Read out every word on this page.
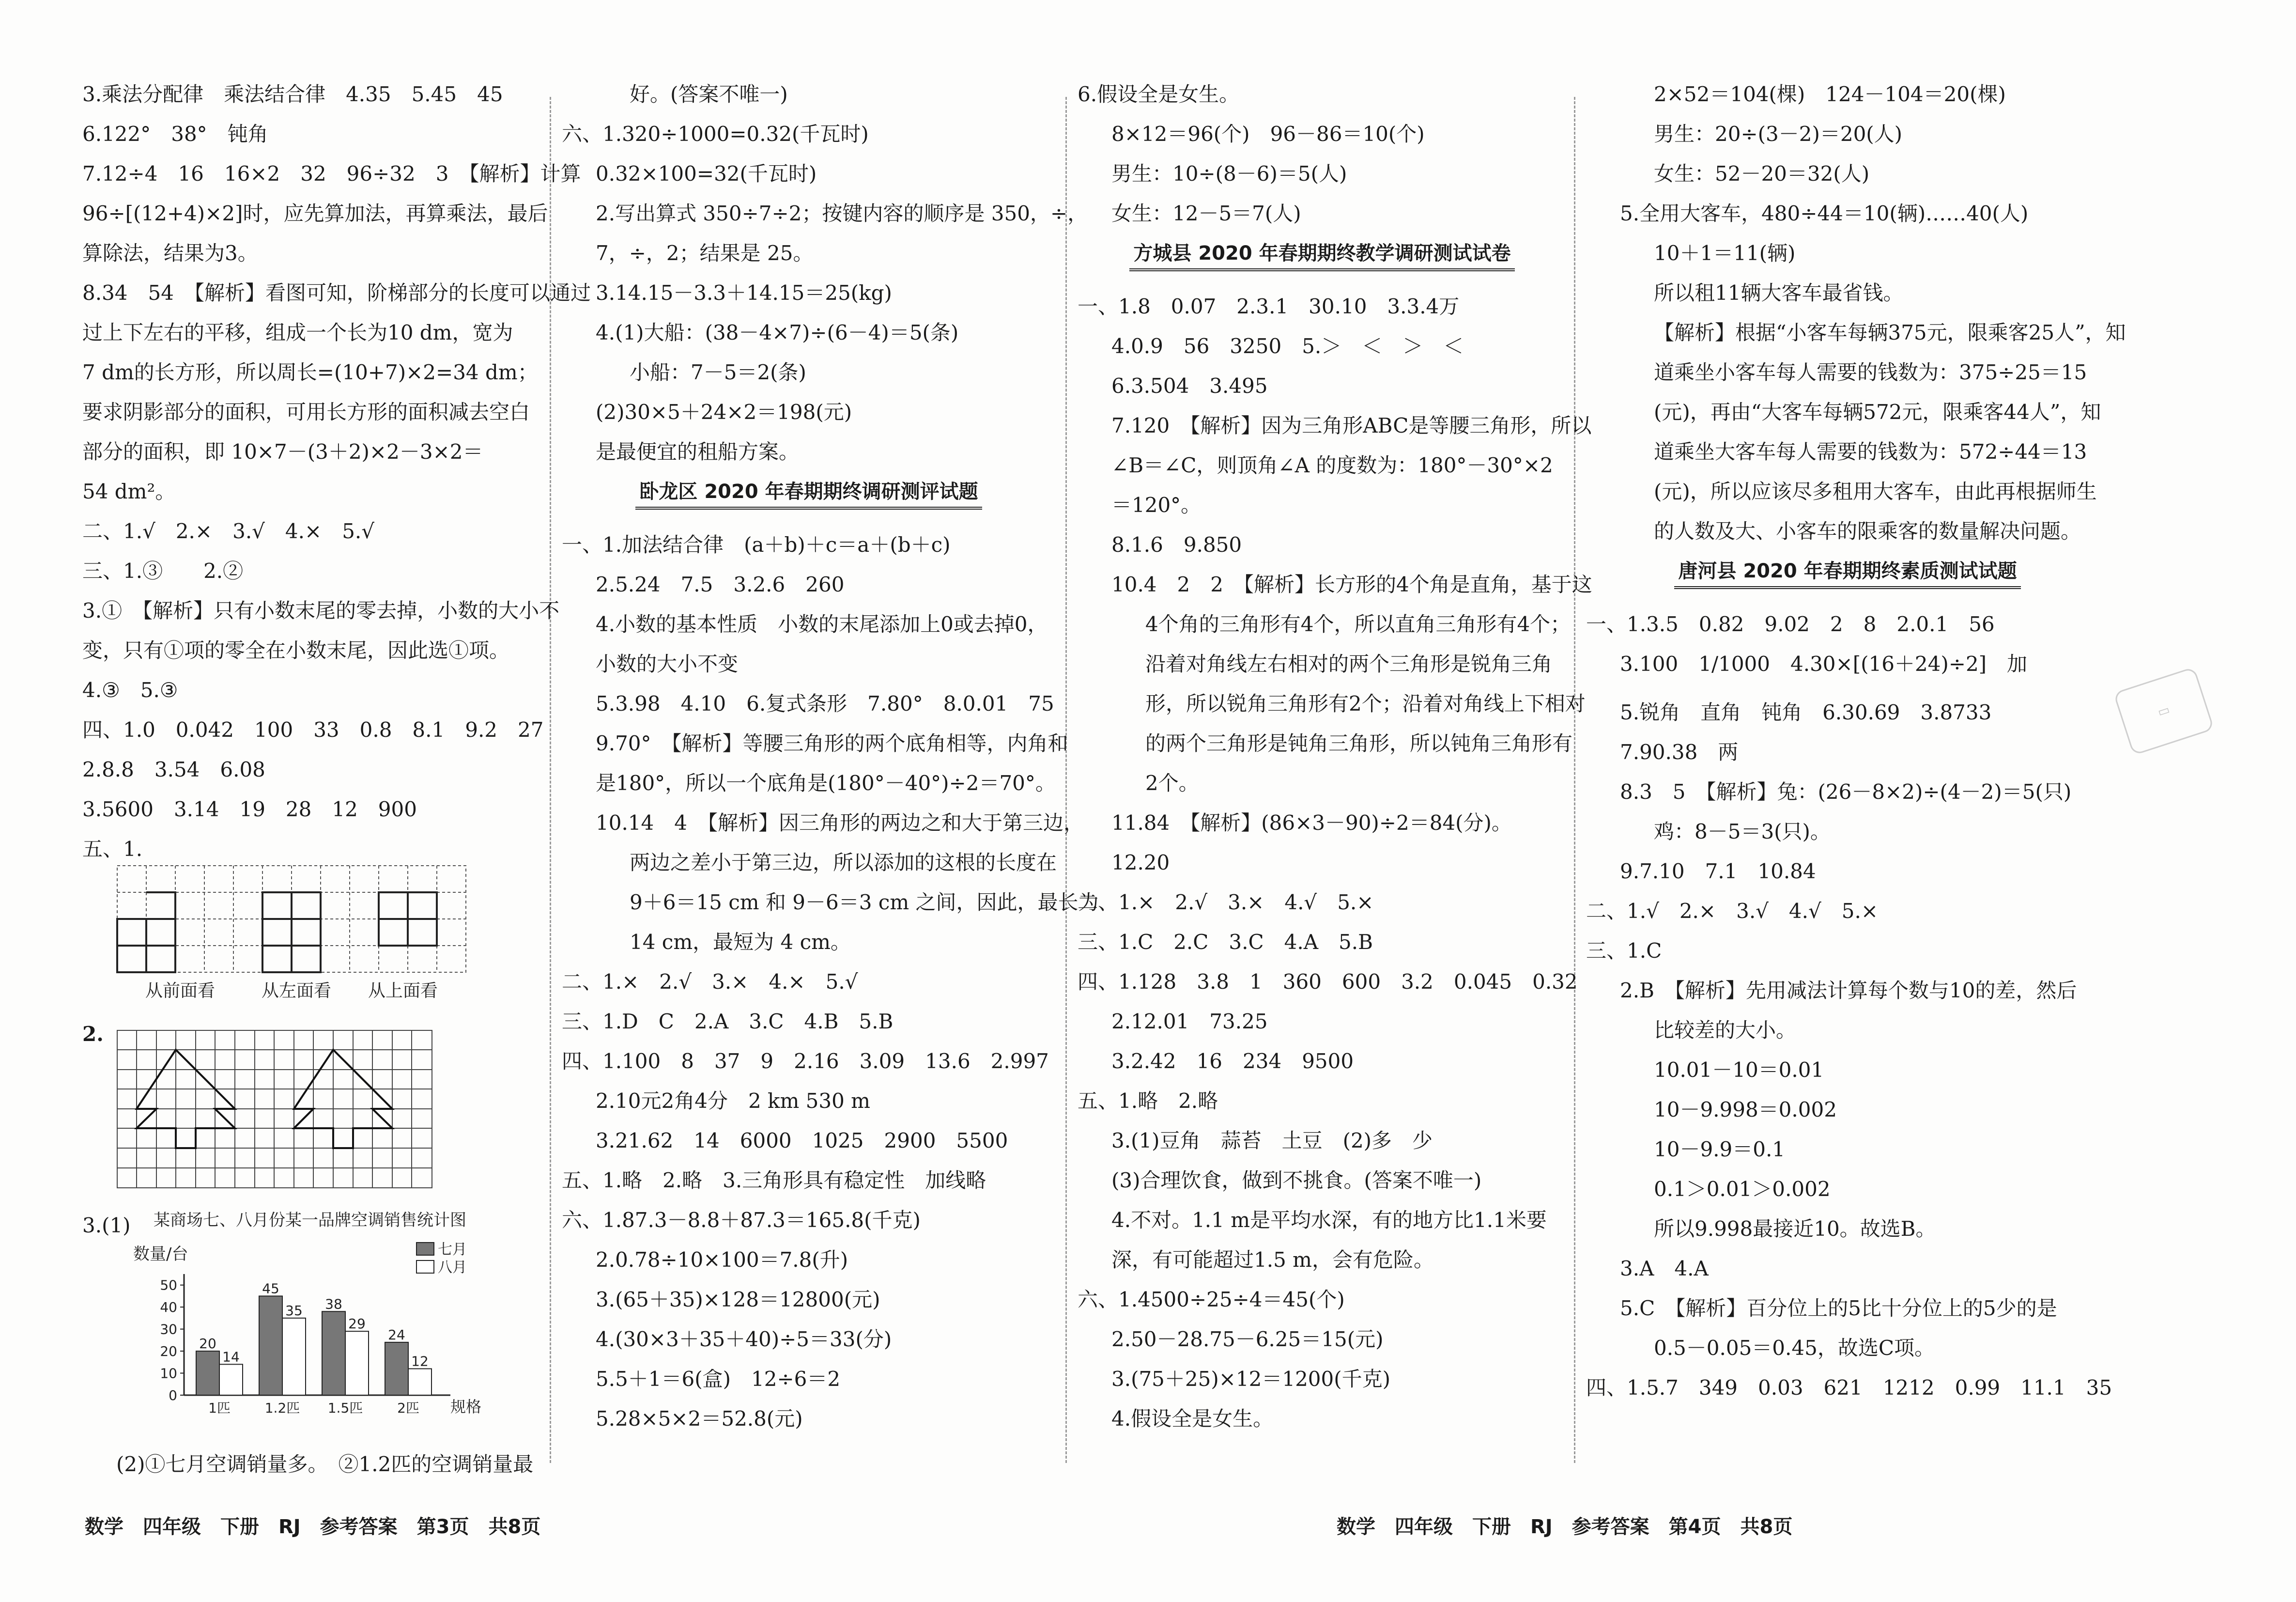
3.乘法分配律　乘法结合律　4.35　5.45　45
6.122°　38°　钝角
7.12÷4　16　16×2　32　96÷32　3　【解析】计算
96÷[(12+4)×2]时，应先算加法，再算乘法，最后
算除法，结果为3。
8.34　54　【解析】看图可知，阶梯部分的长度可以通过
过上下左右的平移，组成一个长为10 dm，宽为
7 dm的长方形，所以周长=(10+7)×2=34 dm；
要求阴影部分的面积，可用长方形的面积减去空白
部分的面积，即 10×7－(3＋2)×2－3×2＝
54 dm²。
二、1.√　2.×　3.√　4.×　5.√
三、1.③　　2.②
3.①　【解析】只有小数末尾的零去掉，小数的大小不
变，只有①项的零全在小数末尾，因此选①项。
4.③　5.③
四、1.0　0.042　100　33　0.8　8.1　9.2　27
2.8.8　3.54　6.08
3.5600　3.14　19　28　12　900
五、1.
从前面看	从左面看 从上面看
2.
3.(1) 某商场七、八月份某一品牌空调销售统计图
数量/台
规格
七月
八月
0
10
20
30
40
50
20
14
1匹
45
35
1.2匹
38
29
1.5匹
24
12
2匹
(2)①七月空调销量多。　②1.2匹的空调销量最
好。(答案不唯一)
六、1.320÷1000=0.32(千瓦时)
0.32×100=32(千瓦时)
2.写出算式 350÷7÷2；按键内容的顺序是 350，÷，
7，÷，2；结果是 25。
3.14.15－3.3＋14.15＝25(kg)
4.(1)大船：(38－4×7)÷(6－4)＝5(条)
小船：7－5＝2(条)
(2)30×5＋24×2＝198(元)
是最便宜的租船方案。
卧龙区 2020 年春期期终调研测评试题
一、1.加法结合律　(a＋b)＋c＝a＋(b＋c)
2.5.24　7.5　3.2.6　260
4.小数的基本性质　小数的末尾添加上0或去掉0，
小数的大小不变
5.3.98　4.10　6.复式条形　7.80°　8.0.01　75
9.70°　【解析】等腰三角形的两个底角相等，内角和
是180°，所以一个底角是(180°－40°)÷2＝70°。
10.14　4　【解析】因三角形的两边之和大于第三边，
两边之差小于第三边，所以添加的这根的长度在
9＋6＝15 cm 和 9－6＝3 cm 之间，因此，最长为
14 cm，最短为 4 cm。
二、1.×　2.√　3.×　4.×　5.√
三、1.D　C　2.A　3.C　4.B　5.B
四、1.100　8　37　9　2.16　3.09　13.6　2.997
2.10元2角4分　2 km 530 m
3.21.62　14　6000　1025　2900　5500
五、1.略　2.略　3.三角形具有稳定性　加线略
六、1.87.3－8.8＋87.3＝165.8(千克)
2.0.78÷10×100＝7.8(升)
3.(65＋35)×128＝12800(元)
4.(30×3＋35＋40)÷5＝33(分)
5.5＋1＝6(盒)　12÷6＝2
5.28×5×2＝52.8(元)
6.假设全是女生。
8×12＝96(个)　96－86＝10(个)
男生：10÷(8－6)＝5(人)
女生：12－5＝7(人)
方城县 2020 年春期期终教学调研测试试卷
一、1.8　0.07　2.3.1　30.10　3.3.4万
4.0.9　56　3250　5.＞　＜　＞　＜
6.3.504　3.495
7.120　【解析】因为三角形ABC是等腰三角形，所以
∠B＝∠C，则顶角∠A 的度数为：180°－30°×2
＝120°。
8.1.6　9.850
10.4　2　2　【解析】长方形的4个角是直角，基于这
4个角的三角形有4个，所以直角三角形有4个；
沿着对角线左右相对的两个三角形是锐角三角
形，所以锐角三角形有2个；沿着对角线上下相对
的两个三角形是钝角三角形，所以钝角三角形有
2个。
11.84　【解析】(86×3－90)÷2＝84(分)。
12.20
二、1.×　2.√　3.×　4.√　5.×
三、1.C　2.C　3.C　4.A　5.B
四、1.128　3.8　1　360　600　3.2　0.045　0.32
2.12.01　73.25
3.2.42　16　234　9500
五、1.略　2.略
3.(1)豆角　蒜苔　土豆　(2)多　少
(3)合理饮食，做到不挑食。(答案不唯一)
4.不对。1.1 m是平均水深，有的地方比1.1米要
深，有可能超过1.5 m，会有危险。
六、1.4500÷25÷4＝45(个)
2.50－28.75－6.25＝15(元)
3.(75＋25)×12＝1200(千克)
4.假设全是女生。
2×52＝104(棵)　124－104＝20(棵)
男生：20÷(3－2)＝20(人)
女生：52－20＝32(人)
5.全用大客车，480÷44＝10(辆)……40(人)
10＋1＝11(辆)
所以租11辆大客车最省钱。
【解析】根据“小客车每辆375元，限乘客25人”，知
道乘坐小客车每人需要的钱数为：375÷25＝15
(元)，再由“大客车每辆572元，限乘客44人”，知
道乘坐大客车每人需要的钱数为：572÷44＝13
(元)，所以应该尽多租用大客车，由此再根据师生
的人数及大、小客车的限乘客的数量解决问题。
唐河县 2020 年春期期终素质测试试题
一、1.3.5　0.82　9.02　2　8　2.0.1　56
3.100　1/1000　4.30×[(16＋24)÷2]　加
5.锐角　直角　钝角　6.30.69　3.8733
7.90.38　两
8.3　5　【解析】兔：(26－8×2)÷(4－2)＝5(只)
鸡：8－5＝3(只)。
9.7.10　7.1　10.84
二、1.√　2.×　3.√　4.√　5.×
三、1.C
2.B　【解析】先用减法计算每个数与10的差，然后
比较差的大小。
10.01－10＝0.01
10－9.998＝0.002
10－9.9＝0.1
0.1＞0.01＞0.002
所以9.998最接近10。故选B。
3.A　4.A
5.C　【解析】百分位上的5比十分位上的5少的是
0.5－0.05＝0.45，故选C项。
四、1.5.7　349　0.03　621　1212　0.99　11.1　35
▭
数学　四年级　下册　RJ　参考答案　第3页　共8页	数学　四年级　下册　RJ　参考答案　第4页　共8页
